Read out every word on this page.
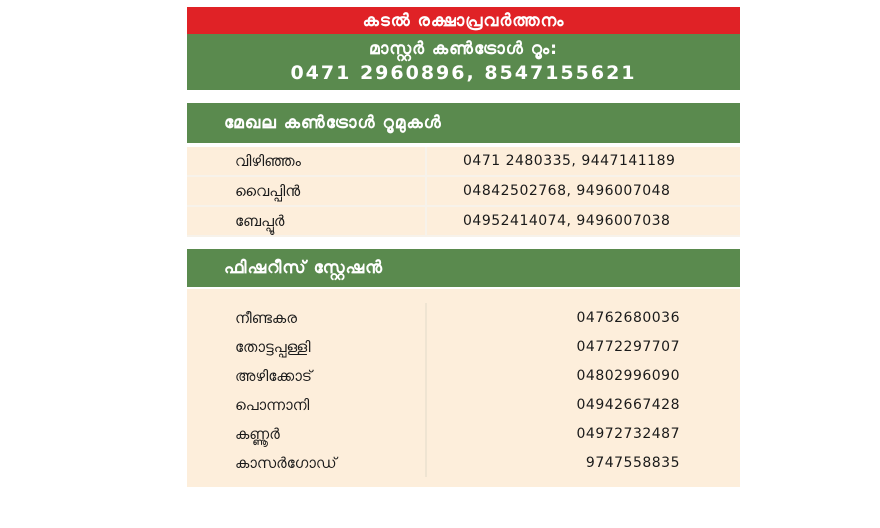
കടൽ രക്ഷാപ്രവർത്തനം
മാസ്റ്റർ കൺട്രോൾ റൂം:
0471 2960896, 8547155621
മേഖല കൺട്രോൾ റൂമുകൾ
വിഴിഞ്ഞം	0471 2480335, 9447141189
വൈപ്പിൻ	04842502768, 9496007048
ബേപ്പൂർ	04952414074, 9496007038
ഫിഷറീസ് സ്റ്റേഷൻ
നീണ്ടകര	04762680036
തോട്ടപ്പള്ളി	04772297707
അഴിക്കോട്	04802996090
പൊന്നാനി	04942667428
കണ്ണൂർ	04972732487
കാസർഗോഡ്	9747558835
